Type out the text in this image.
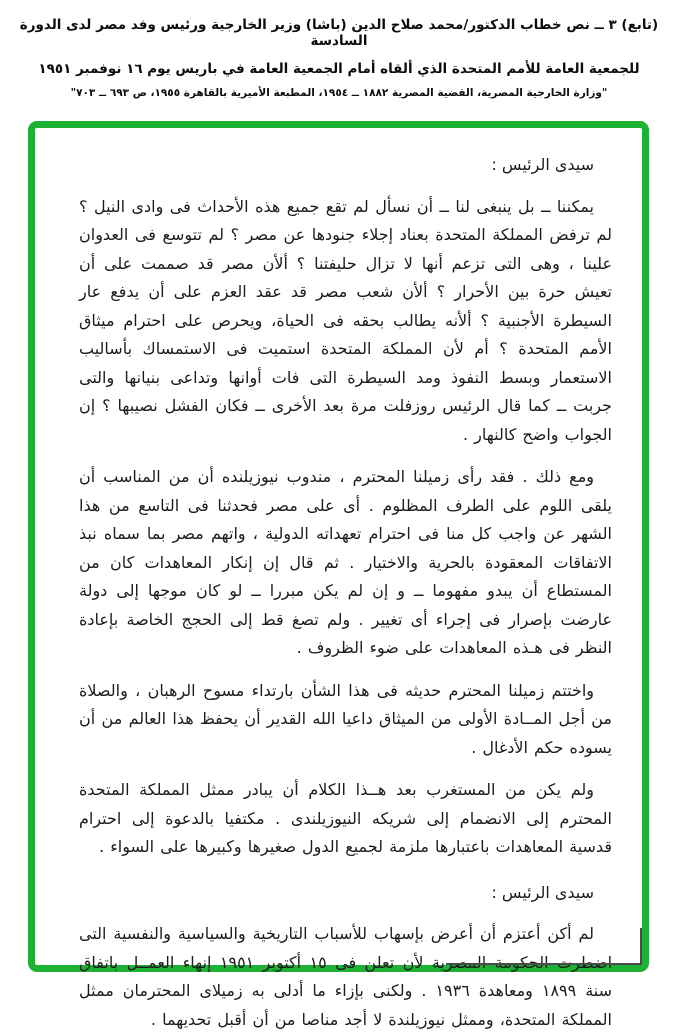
(تابع) ٣ ــ نص خطاب الدكتور/محمد صلاح الدين (باشا) وزير الخارجية ورئيس وفد مصر لدى الدورة السادسة
للجمعية العامة للأمم المتحدة الذي ألقاه أمام الجمعية العامة في باريس يوم ١٦ نوفمبر ١٩٥١
"وزارة الخارجية المصرية، القضية المصرية ١٨٨٢ ــ ١٩٥٤، المطبعة الأميرية بالقاهرة ١٩٥٥، ص ٦٩٣ ــ ٧٠٣"
سيدى الرئيس :

يمكننا ــ بل ينبغى لنا ــ أن نسأل لم تقع جميع هذه الأحداث فى وادى النيل ؟ لم ترفض المملكة المتحدة بعناد إجلاء جنودها عن مصر ؟ لم تتوسع فى العدوان علينا ، وهى التى تزعم أنها لا تزال حليفتنا ؟ ألأن مصر قد صممت على أن تعيش حرة بين الأحرار ؟ ألأن شعب مصر قد عقد العزم على أن يدفع عار السيطرة الأجنبية ؟ ألأنه يطالب بحقه فى الحياة، ويحرص على احترام ميثاق الأمم المتحدة ؟ أم لأن المملكة المتحدة استميت فى الاستمساك بأساليب الاستعمار وبسط النفوذ ومد السيطرة التى فات أوانها وتداعى بنيانها والتى جربت ــ كما قال الرئيس روزفلت مرة بعد الأخرى ــ فكان الفشل نصيبها ؟ إن الجواب واضح كالنهار .

ومع ذلك . فقد رأى زميلنا المحترم ، مندوب نيوزيلنده أن من المناسب أن يلقى اللوم على الطرف المظلوم . أى على مصر فحدثنا فى التاسع من هذا الشهر عن واجب كل منا فى احترام تعهداته الدولية ، واتهم مصر بما سماه نبذ الاتفاقات المعقودة بالحرية والاختيار . ثم قال إن إنكار المعاهدات كان من المستطاع أن يبدو مفهوما ــ و إن لم يكن مبررا ــ لو كان موجها إلى دولة عارضت بإصرار فى إجراء أى تغيير . ولم تصغ قط إلى الحجج الخاصة بإعادة النظر فى هـذه المعاهدات على ضوء الظروف .

واختتم زميلنا المحترم حديثه فى هذا الشأن بارتداء مسوح الرهبان ، والصلاة من أجل المــادة الأولى من الميثاق داعيا الله القدير أن يحفظ هذا العالم من أن يسوده حكم الأدغال .

ولم يكن من المستغرب بعد هــذا الكلام أن يبادر ممثل المملكة المتحدة المحترم إلى الانضمام إلى شريكه النيوزيلندى . مكتفيا بالدعوة إلى احترام قدسية المعاهدات باعتبارها ملزمة لجميع الدول صغيرها وكبيرها على السواء .

سيدى الرئيس :

لم أكن أعتزم أن أعرض بإسهاب للأسباب التاريخية والسياسية والنفسية التى اضطرت الحكومة المصرية لأن تعلن فى ١٥ أكتوبر ١٩٥١ إنهاء العمــل باتفاق سنة ١٨٩٩ ومعاهدة ١٩٣٦ . ولكنى بإزاء ما أدلى به زميلاى المحترمان ممثل المملكة المتحدة، وممثل نيوزيلندة لا أجد مناصا من أن أقبل تحديهما .
